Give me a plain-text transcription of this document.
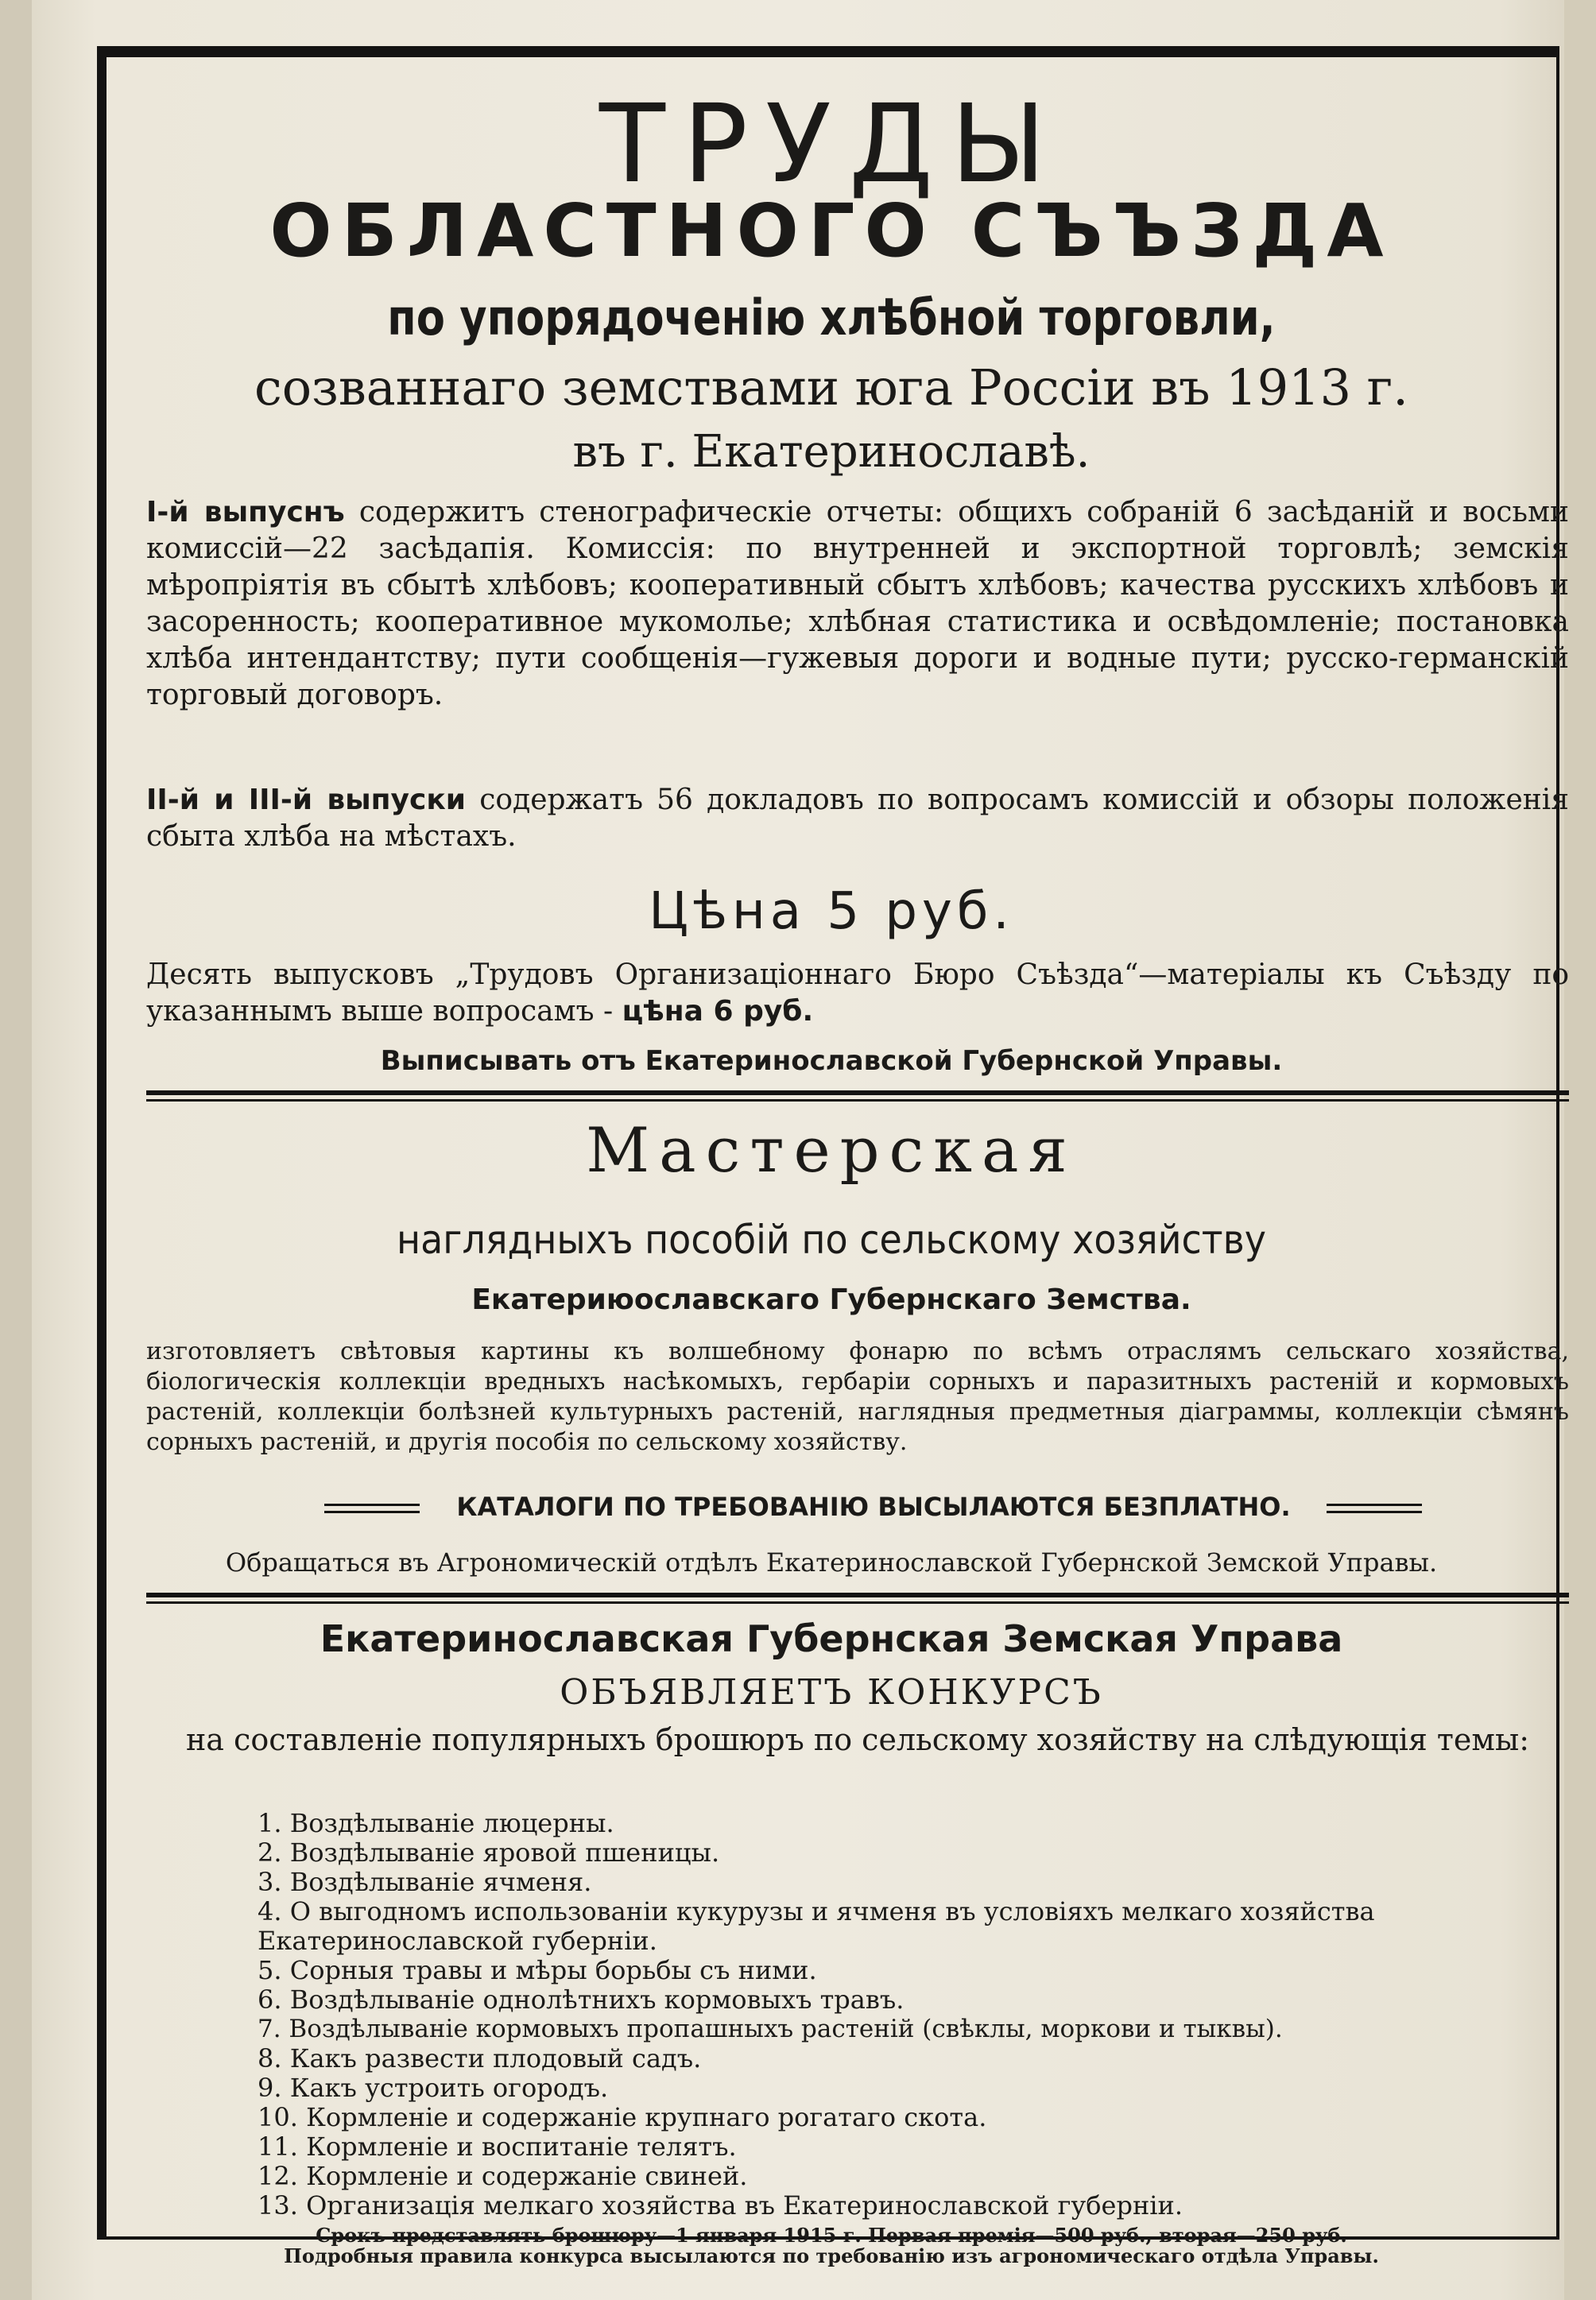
ТРУДЫ
ОБЛАСТНОГО СЪЪЗДА
по упорядоченію хлѣбной торговли,
созваннаго земствами юга Россіи въ 1913 г.
въ г. Екатеринославѣ.
I-й выпуснъ содержитъ стенографическіе отчеты: общихъ собраній 6 засѣданій и восьми комиссій—22 засѣдапія. Комиссія: по внутренней и экспортной торговлѣ; земскія мѣропріятія въ сбытѣ хлѣбовъ; кооперативный сбытъ хлѣбовъ; качества русскихъ хлѣбовъ и засоренность; кооперативное мукомолье; хлѣбная статистика и освѣдомленіе; постановка хлѣба интендантству; пути сообщенія—гужевыя дороги и водные пути; русско-германскій торговый договоръ.
II-й и III-й выпуски содержатъ 56 докладовъ по вопросамъ комиссій и обзоры положенія сбыта хлѣба на мѣстахъ.
Цѣна 5 руб.
Десять выпусковъ „Трудовъ Организаціоннаго Бюро Съѣзда“—матеріалы къ Съѣзду по указаннымъ выше вопросамъ - цѣна 6 руб.
Выписывать отъ Екатеринославской Губернской Управы.
Мастерская
наглядныхъ пособій по сельскому хозяйству
Екатериюославскаго Губернскаго Земства.
изготовляетъ свѣтовыя картины къ волшебному фонарю по всѣмъ отраслямъ сельскаго хозяйства, біологическія коллекціи вредныхъ насѣкомыхъ, гербаріи сорныхъ и паразитныхъ растеній и кормовыхъ растеній, коллекціи болѣзней культурныхъ растеній, наглядныя предметныя діаграммы, коллекціи сѣмянъ сорныхъ растеній, и другія пособія по сельскому хозяйству.
КАТАЛОГИ ПО ТРЕБОВАНІЮ ВЫСЫЛАЮТСЯ БЕЗПЛАТНО.
Обращаться въ Агрономическій отдѣлъ Екатеринославской Губернской Земской Управы.
Екатеринославская Губернская Земская Управа
ОБЪЯВЛЯЕТЪ КОНКУРСЪ
на составленіе популярныхъ брошюръ по сельскому хозяйству на слѣдующія темы:
1. Воздѣлываніе люцерны.
2. Воздѣлываніе яровой пшеницы.
3. Воздѣлываніе ячменя.
4. О выгодномъ использованіи кукурузы и ячменя въ условіяхъ мелкаго хозяйства Екатеринославской губерніи.
5. Сорныя травы и мѣры борьбы съ ними.
6. Воздѣлываніе однолѣтнихъ кормовыхъ травъ.
7. Воздѣлываніе кормовыхъ пропашныхъ растеній (свѣклы, моркови и тыквы).
8. Какъ развести плодовый садъ.
9. Какъ устроить огородъ.
10. Кормленіе и содержаніе крупнаго рогатаго скота.
11. Кормленіе и воспитаніе телятъ.
12. Кормленіе и содержаніе свиней.
13. Организація мелкаго хозяйства въ Екатеринославской губерніи.
Срокъ представлять брошюру—1 января 1915 г. Первая премія—500 руб., вторая—250 руб.
Подробныя правила конкурса высылаются по требованію изъ агрономическаго отдѣла Управы.
